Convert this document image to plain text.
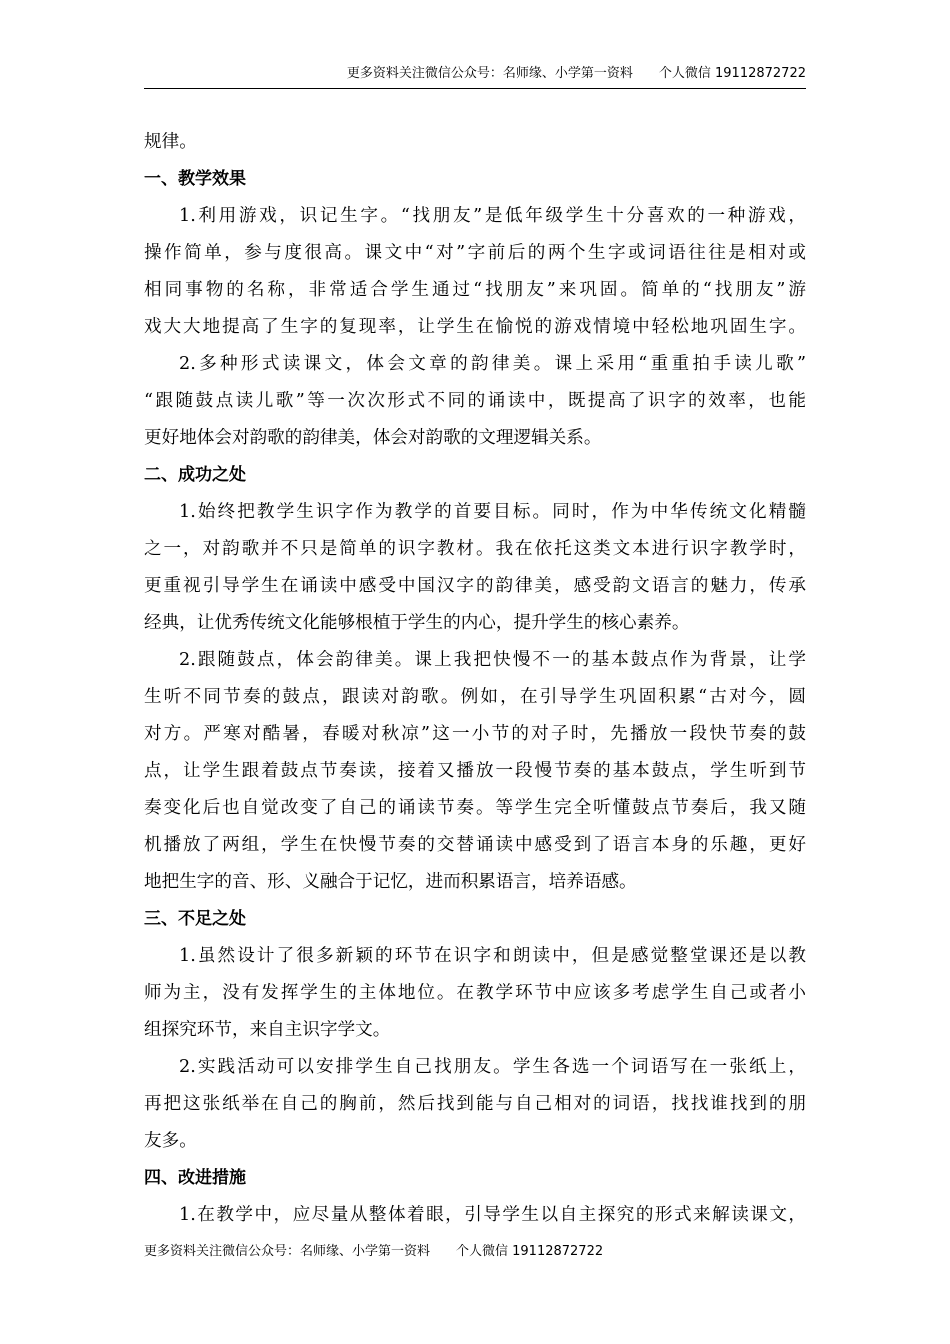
更多资料关注微信公众号：名师缘、小学第一资料　　个人微信 19112872722
规律。
一、教学效果
1.利用游戏，识记生字。“找朋友”是低年级学生十分喜欢的一种游戏，
操作简单，参与度很高。课文中“对”字前后的两个生字或词语往往是相对或
相同事物的名称，非常适合学生通过“找朋友”来巩固。简单的“找朋友”游
戏大大地提高了生字的复现率，让学生在愉悦的游戏情境中轻松地巩固生字。
2.多种形式读课文，体会文章的韵律美。课上采用“重重拍手读儿歌”
“跟随鼓点读儿歌”等一次次形式不同的诵读中，既提高了识字的效率，也能
更好地体会对韵歌的韵律美，体会对韵歌的文理逻辑关系。
二、成功之处
1.始终把教学生识字作为教学的首要目标。同时，作为中华传统文化精髓
之一，对韵歌并不只是简单的识字教材。我在依托这类文本进行识字教学时，
更重视引导学生在诵读中感受中国汉字的韵律美，感受韵文语言的魅力，传承
经典，让优秀传统文化能够根植于学生的内心，提升学生的核心素养。
2.跟随鼓点，体会韵律美。课上我把快慢不一的基本鼓点作为背景，让学
生听不同节奏的鼓点，跟读对韵歌。例如，在引导学生巩固积累“古对今，圆
对方。严寒对酷暑，春暖对秋凉”这一小节的对子时，先播放一段快节奏的鼓
点，让学生跟着鼓点节奏读，接着又播放一段慢节奏的基本鼓点，学生听到节
奏变化后也自觉改变了自己的诵读节奏。等学生完全听懂鼓点节奏后，我又随
机播放了两组，学生在快慢节奏的交替诵读中感受到了语言本身的乐趣，更好
地把生字的音、形、义融合于记忆，进而积累语言，培养语感。
三、不足之处
1.虽然设计了很多新颖的环节在识字和朗读中，但是感觉整堂课还是以教
师为主，没有发挥学生的主体地位。在教学环节中应该多考虑学生自己或者小
组探究环节，来自主识字学文。
2.实践活动可以安排学生自己找朋友。学生各选一个词语写在一张纸上，
再把这张纸举在自己的胸前，然后找到能与自己相对的词语，找找谁找到的朋
友多。
四、改进措施
1.在教学中，应尽量从整体着眼，引导学生以自主探究的形式来解读课文，
更多资料关注微信公众号：名师缘、小学第一资料　　个人微信 19112872722
